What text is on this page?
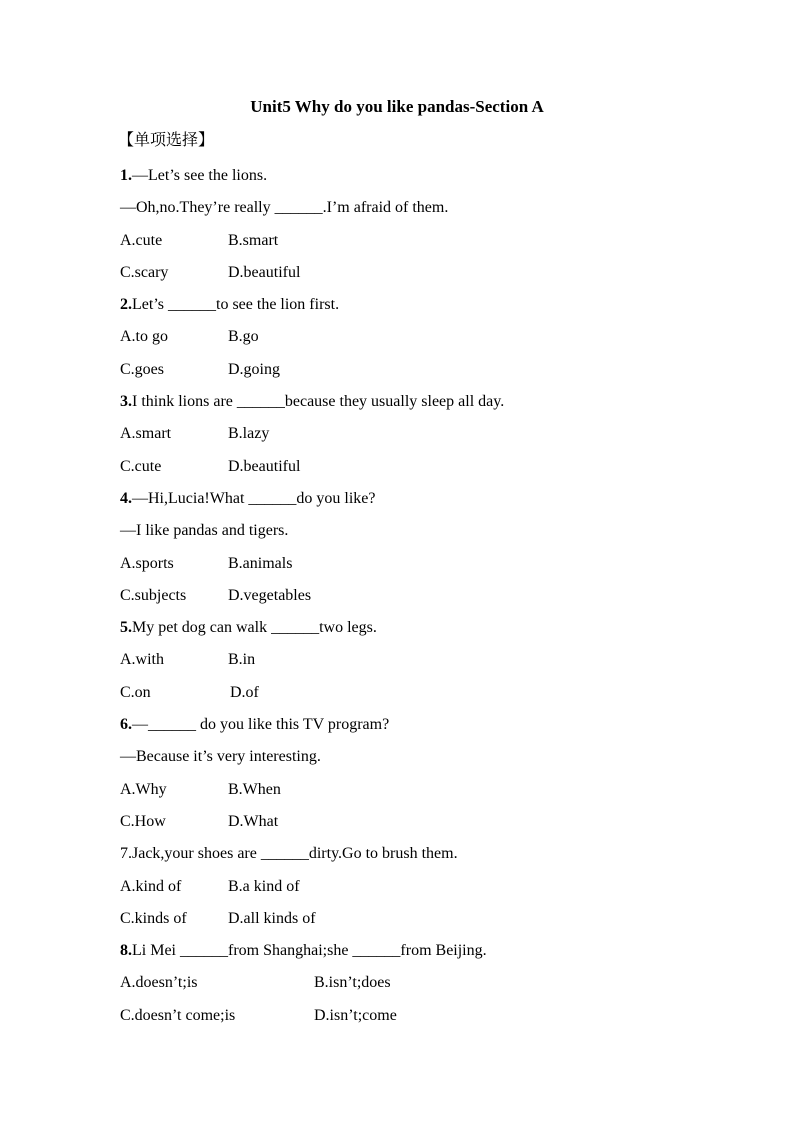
Unit5 Why do you like pandas-Section A
【单项选择】
1.—Let’s see the lions.
—Oh,no.They’re really ______.I’m afraid of them.
A.cute	B.smart
C.scary	D.beautiful
2.Let’s ______to see the lion first.
A.to go	B.go
C.goes	D.going
3.I think lions are ______because they usually sleep all day.
A.smart	B.lazy
C.cute	D.beautiful
4.—Hi,Lucia!What ______do you like?
—I like pandas and tigers.
A.sports	B.animals
C.subjects	D.vegetables
5.My pet dog can walk ______two legs.
A.with	B.in
C.on	D.of
6.—______ do you like this TV program?
—Because it’s very interesting.
A.Why	B.When
C.How	D.What
7.Jack,your shoes are ______dirty.Go to brush them.
A.kind of	B.a kind of
C.kinds of	D.all kinds of
8.Li Mei ______from Shanghai;she ______from Beijing.
A.doesn’t;is	B.isn’t;does
C.doesn’t come;is	D.isn’t;come
